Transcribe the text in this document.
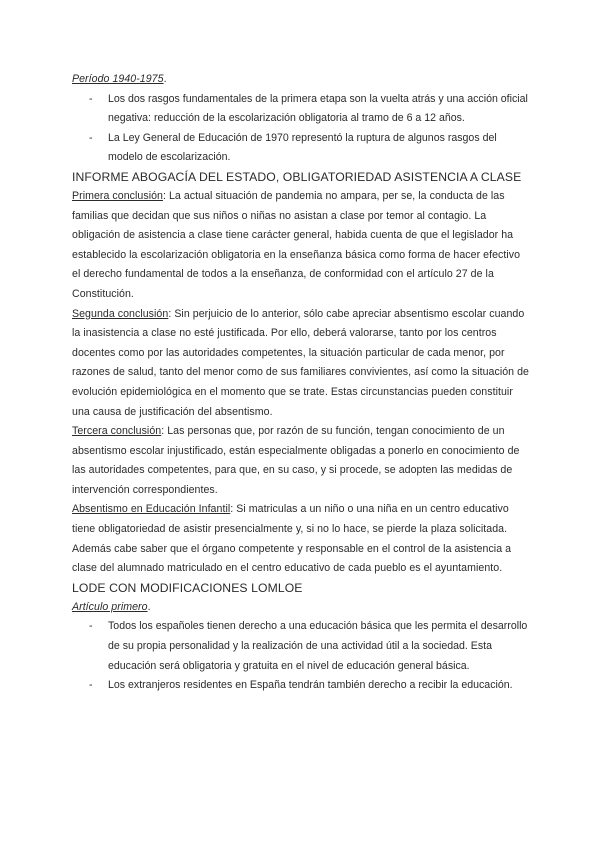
Período 1940-1975.

- Los dos rasgos fundamentales de la primera etapa son la vuelta atrás y una acción oficial negativa: reducción de la escolarización obligatoria al tramo de 6 a 12 años.
- La Ley General de Educación de 1970 representó la ruptura de algunos rasgos del modelo de escolarización.

INFORME ABOGACÍA DEL ESTADO, OBLIGATORIEDAD ASISTENCIA A CLASE

Primera conclusión: La actual situación de pandemia no ampara, per se, la conducta de las familias que decidan que sus niños o niñas no asistan a clase por temor al contagio. La obligación de asistencia a clase tiene carácter general, habida cuenta de que el legislador ha establecido la escolarización obligatoria en la enseñanza básica como forma de hacer efectivo el derecho fundamental de todos a la enseñanza, de conformidad con el artículo 27 de la Constitución.

Segunda conclusión: Sin perjuicio de lo anterior, sólo cabe apreciar absentismo escolar cuando la inasistencia a clase no esté justificada. Por ello, deberá valorarse, tanto por los centros docentes como por las autoridades competentes, la situación particular de cada menor, por razones de salud, tanto del menor como de sus familiares convivientes, así como la situación de evolución epidemiológica en el momento que se trate. Estas circunstancias pueden constituir una causa de justificación del absentismo.

Tercera conclusión: Las personas que, por razón de su función, tengan conocimiento de un absentismo escolar injustificado, están especialmente obligadas a ponerlo en conocimiento de las autoridades competentes, para que, en su caso, y si procede, se adopten las medidas de intervención correspondientes.

Absentismo en Educación Infantil: Si matriculas a un niño o una niña en un centro educativo tiene obligatoriedad de asistir presencialmente y, si no lo hace, se pierde la plaza solicitada. Además cabe saber que el órgano competente y responsable en el control de la asistencia a clase del alumnado matriculado en el centro educativo de cada pueblo es el ayuntamiento.

LODE CON MODIFICACIONES LOMLOE

Artículo primero.

- Todos los españoles tienen derecho a una educación básica que les permita el desarrollo de su propia personalidad y la realización de una actividad útil a la sociedad. Esta educación será obligatoria y gratuita en el nivel de educación general básica.
- Los extranjeros residentes en España tendrán también derecho a recibir la educación.
